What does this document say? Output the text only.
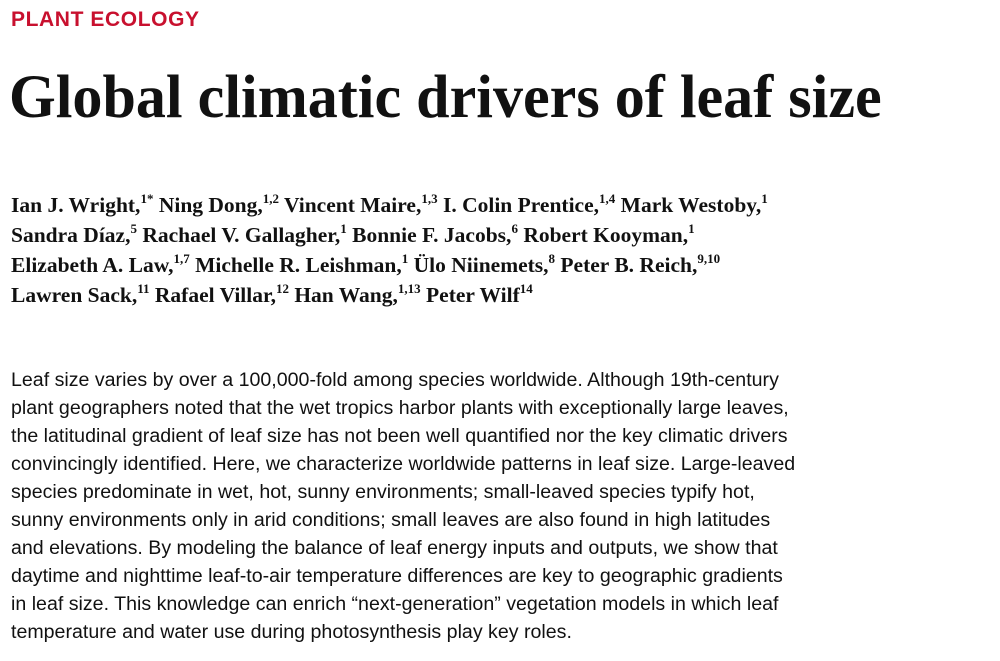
PLANT ECOLOGY
Global climatic drivers of leaf size
Ian J. Wright,$^{1*}$ Ning Dong,$^{1,2}$ Vincent Maire,$^{1,3}$ I. Colin Prentice,$^{1,4}$ Mark Westoby,$^1$
Sandra Díaz,$^5$ Rachael V. Gallagher,$^1$ Bonnie F. Jacobs,$^6$ Robert Kooyman,$^1$
Elizabeth A. Law,$^{1,7}$ Michelle R. Leishman,$^1$ Ülo Niinemets,$^8$ Peter B. Reich,$^{9,10}$
Lawren Sack,$^{11}$ Rafael Villar,$^{12}$ Han Wang,$^{1,13}$ Peter Wilf$^{14}$

Leaf size varies by over a 100,000-fold among species worldwide. Although 19th-century
plant geographers noted that the wet tropics harbor plants with exceptionally large leaves,
the latitudinal gradient of leaf size has not been well quantified nor the key climatic drivers
convincingly identified. Here, we characterize worldwide patterns in leaf size. Large-leaved
species predominate in wet, hot, sunny environments; small-leaved species typify hot,
sunny environments only in arid conditions; small leaves are also found in high latitudes
and elevations. By modeling the balance of leaf energy inputs and outputs, we show that
daytime and nighttime leaf-to-air temperature differences are key to geographic gradients
in leaf size. This knowledge can enrich “next-generation” vegetation models in which leaf
temperature and water use during photosynthesis play key roles.
